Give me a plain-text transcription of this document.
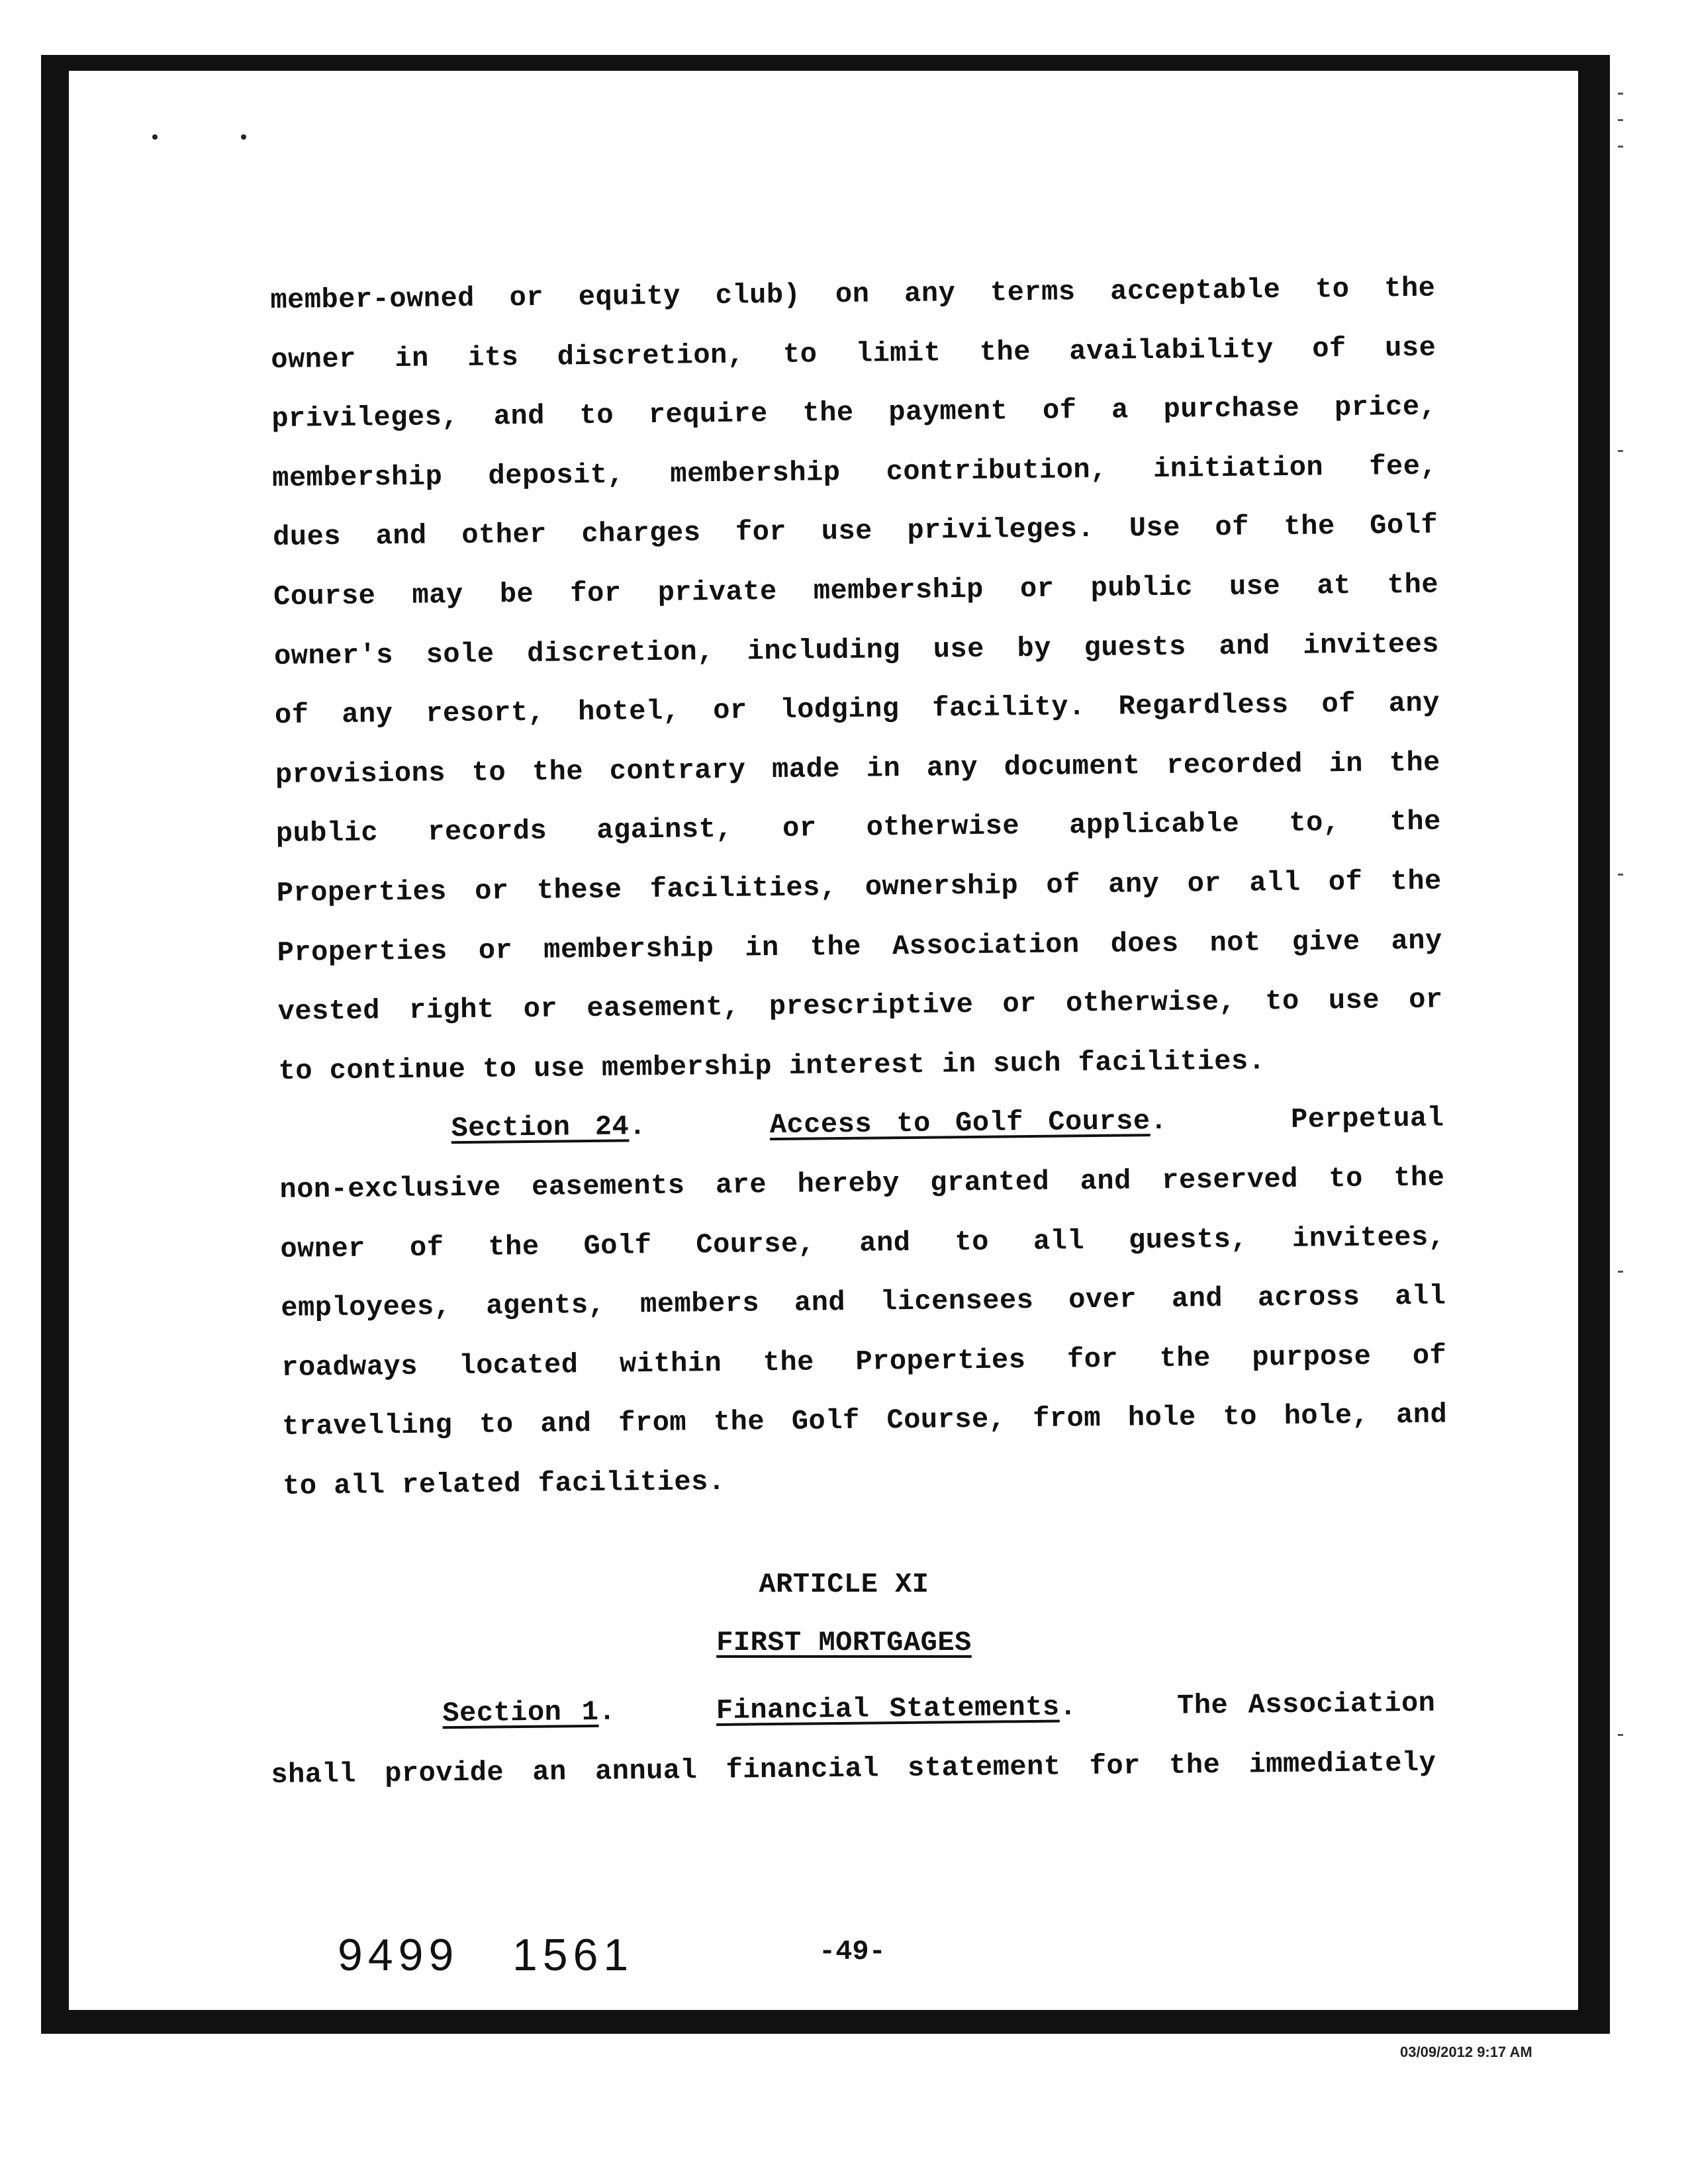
member-owned or equity club) on any terms acceptable to the
owner in its discretion, to limit the availability of use
privileges, and to require the payment of a purchase price,
membership deposit, membership contribution, initiation fee,
dues and other charges for use privileges. Use of the Golf
Course may be for private membership or public use at the
owner's sole discretion, including use by guests and invitees
of any resort, hotel, or lodging facility. Regardless of any
provisions to the contrary made in any document recorded in the
public records against, or otherwise applicable to, the
Properties or these facilities, ownership of any or all of the
Properties or membership in the Association does not give any
vested right or easement, prescriptive or otherwise, to use or
to continue to use membership interest in such facilities.
Section 24.     Access to Golf Course.     Perpetual
non-exclusive easements are hereby granted and reserved to the
owner of the Golf Course, and to all guests, invitees,
employees, agents, members and licensees over and across all
roadways located within the Properties for the purpose of
travelling to and from the Golf Course, from hole to hole, and
to all related facilities.
ARTICLE XI
FIRST MORTGAGES
Section 1.     Financial Statements.     The Association
shall provide an annual financial statement for the immediately
9499 1561	-49-
03/09/2012 9:17 AM
